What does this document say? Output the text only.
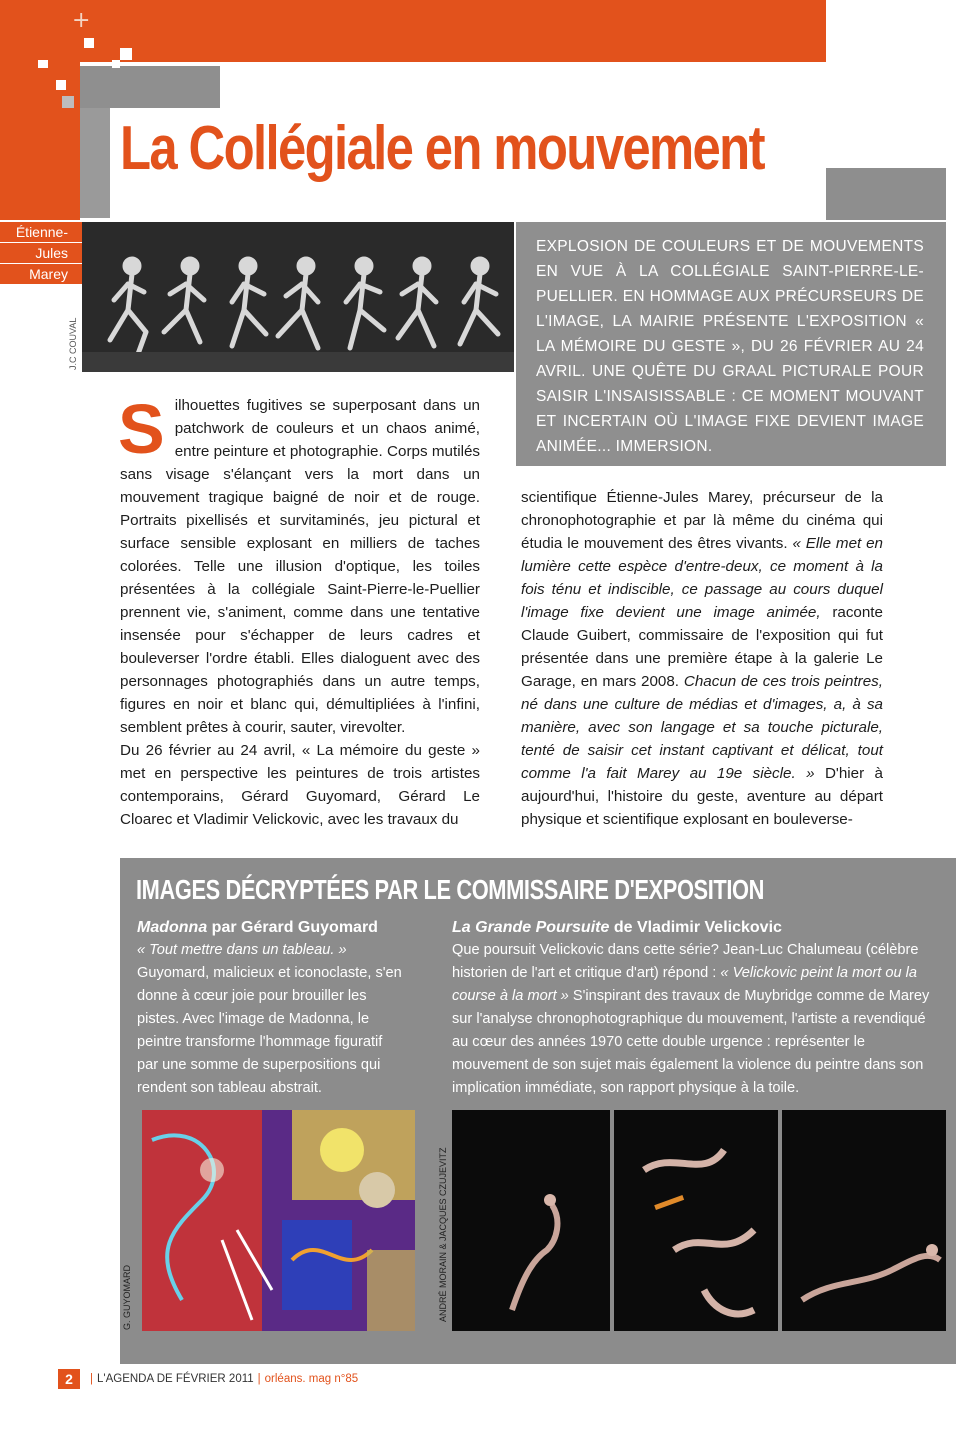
+
La Collégiale en mouvement
Étienne-
Jules
Marey
J.C COUVAL

EXPLOSION DE COULEURS ET DE MOUVEMENTS EN VUE À LA COLLÉGIALE SAINT-PIERRE-LE-PUELLIER. EN HOMMAGE AUX PRÉCURSEURS DE L'IMAGE, LA MAIRIE PRÉSENTE L'EXPOSITION « LA MÉMOIRE DU GESTE », DU 26 FÉVRIER AU 24 AVRIL. UNE QUÊTE DU GRAAL PICTURALE POUR SAISIR L'INSAISISSABLE : CE MOMENT MOUVANT ET INCERTAIN OÙ L'IMAGE FIXE DEVIENT IMAGE ANIMÉE... IMMERSION.

Silhouettes fugitives se superposant dans un patchwork de couleurs et un chaos animé, entre peinture et photographie. Corps mutilés sans visage s'élançant vers la mort dans un mouvement tragique baigné de noir et de rouge. Portraits pixellisés et survitaminés, jeu pictural et surface sensible explosant en milliers de taches colorées. Telle une illusion d'optique, les toiles présentées à la collégiale Saint-Pierre-le-Puellier prennent vie, s'animent, comme dans une tentative insensée pour s'échapper de leurs cadres et bouleverser l'ordre établi. Elles dialoguent avec des personnages photographiés dans un autre temps, figures en noir et blanc qui, démultipliées à l'infini, semblent prêtes à courir, sauter, virevolter.

Du 26 février au 24 avril, « La mémoire du geste » met en perspective les peintures de trois artistes contemporains, Gérard Guyomard, Gérard Le Cloarec et Vladimir Velickovic, avec les travaux du

scientifique Étienne-Jules Marey, précurseur de la chronophotographie et par là même du cinéma qui étudia le mouvement des êtres vivants. « Elle met en lumière cette espèce d'entre-deux, ce moment à la fois ténu et indiscible, ce passage au cours duquel l'image fixe devient une image animée, raconte Claude Guibert, commissaire de l'exposition qui fut présentée dans une première étape à la galerie Le Garage, en mars 2008. Chacun de ces trois peintres, né dans une culture de médias et d'images, a, à sa manière, avec son langage et sa touche picturale, tenté de saisir cet instant captivant et délicat, tout comme l'a fait Marey au 19e siècle. » D'hier à aujourd'hui, l'histoire du geste, aventure au départ physique et scientifique explosant en bouleverse-

IMAGES DÉCRYPTÉES PAR LE COMMISSAIRE D'EXPOSITION
Madonna par Gérard Guyomard
« Tout mettre dans un tableau. »
Guyomard, malicieux et iconoclaste, s'en donne à cœur joie pour brouiller les pistes. Avec l'image de Madonna, le peintre transforme l'hommage figuratif par une somme de superpositions qui rendent son tableau abstrait.
La Grande Poursuite de Vladimir Velickovic
Que poursuit Velickovic dans cette série? Jean-Luc Chalumeau (célèbre historien de l'art et critique d'art) répond : « Velickovic peint la mort ou la course à la mort » S'inspirant des travaux de Muybridge comme de Marey sur l'analyse chronophotographique du mouvement, l'artiste a revendiqué au cœur des années 1970 cette double urgence : représenter le mouvement de son sujet mais également la violence du peintre dans son implication immédiate, son rapport physique à la toile.
G. GUYOMARD	ANDRÉ MORAIN & JACQUES CZUJEVITZ
2	| L'AGENDA DE FÉVRIER 2011 | orléans. mag n°85
